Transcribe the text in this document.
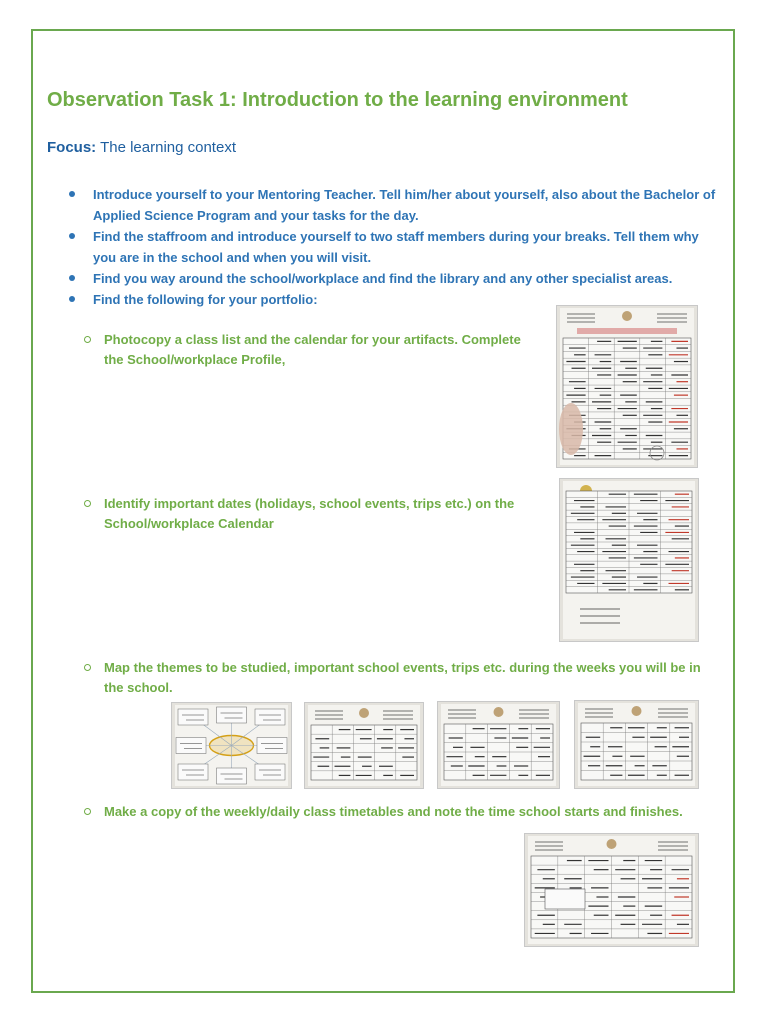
Observation Task 1: Introduction to the learning environment
Focus: The learning context
Introduce yourself to your Mentoring Teacher. Tell him/her about yourself, also about the Bachelor of Applied Science Program and your tasks for the day.
Find the staffroom and introduce yourself to two staff members during your breaks. Tell them why you are in the school and when you will visit.
Find you way around the school/workplace and find the library and any other specialist areas.
Find the following for your portfolio:
Photocopy a class list and the calendar for your artifacts. Complete the School/workplace Profile,
Identify important dates (holidays, school events, trips etc.) on the School/workplace Calendar
Map the themes to be studied, important school events, trips etc. during the weeks you will be in the school.
Make a copy of the weekly/daily class timetables and note the time school starts and finishes.
